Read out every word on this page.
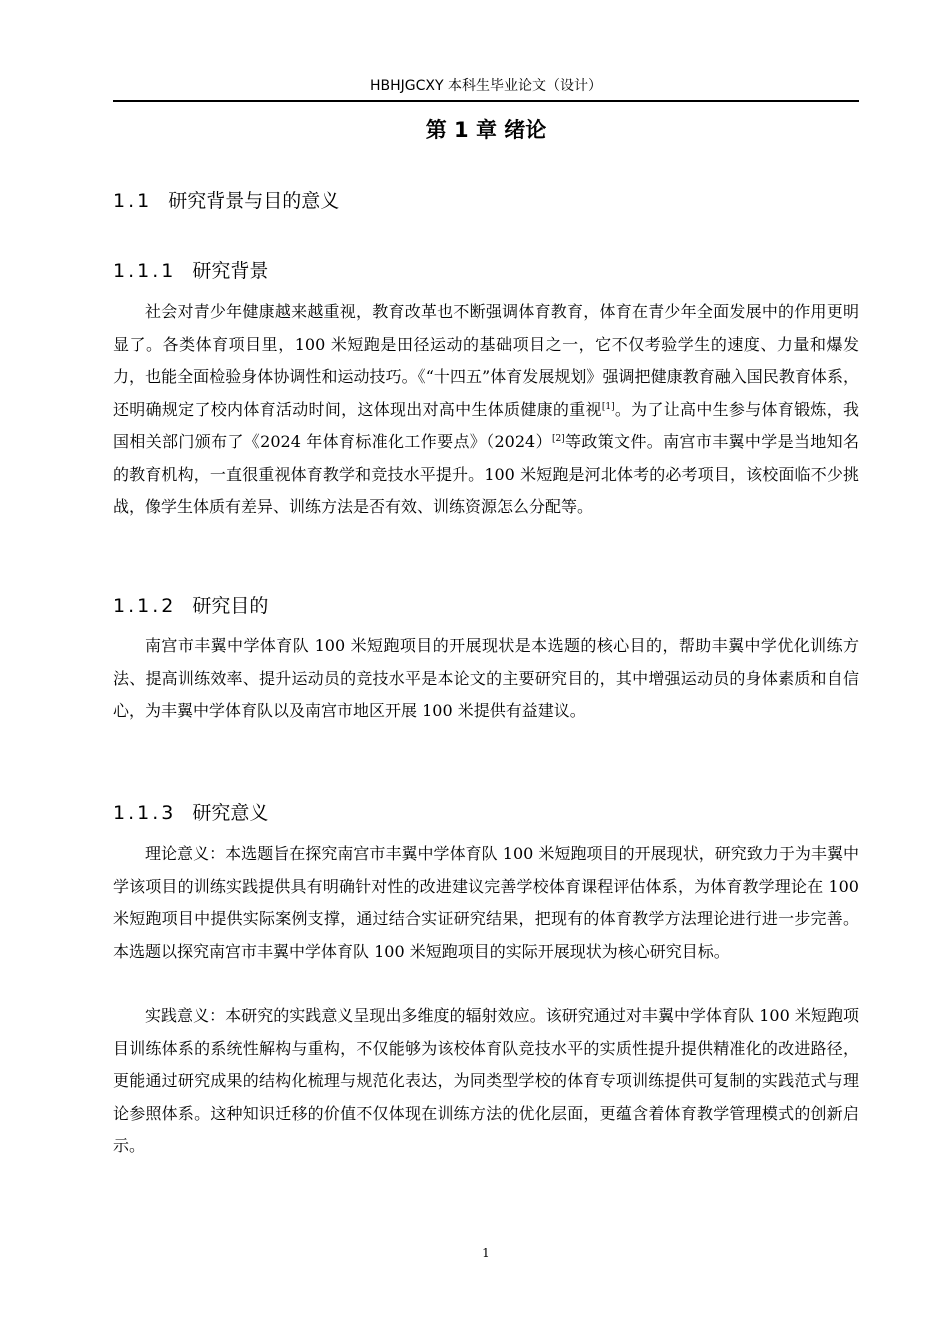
HBHJGCXY 本科生毕业论文（设计）
第 1 章 绪论
1.1 研究背景与目的意义
1.1.1 研究背景

社会对青少年健康越来越重视，教育改革也不断强调体育教育，体育在青少年全面发展中的作用更明显了。各类体育项目里，100 米短跑是田径运动的基础项目之一，它不仅考验学生的速度、力量和爆发力，也能全面检验身体协调性和运动技巧。《“十四五”体育发展规划》强调把健康教育融入国民教育体系，还明确规定了校内体育活动时间，这体现出对高中生体质健康的重视[1]。为了让高中生参与体育锻炼，我国相关部门颁布了《2024 年体育标准化工作要点》（2024）[2]等政策文件。南宫市丰翼中学是当地知名的教育机构，一直很重视体育教学和竞技水平提升。100 米短跑是河北体考的必考项目，该校面临不少挑战，像学生体质有差异、训练方法是否有效、训练资源怎么分配等。

1.1.2 研究目的

南宫市丰翼中学体育队 100 米短跑项目的开展现状是本选题的核心目的，帮助丰翼中学优化训练方法、提高训练效率、提升运动员的竞技水平是本论文的主要研究目的，其中增强运动员的身体素质和自信心，为丰翼中学体育队以及南宫市地区开展 100 米提供有益建议。

1.1.3 研究意义

理论意义：本选题旨在探究南宫市丰翼中学体育队 100 米短跑项目的开展现状，研究致力于为丰翼中学该项目的训练实践提供具有明确针对性的改进建议完善学校体育课程评估体系，为体育教学理论在 100 米短跑项目中提供实际案例支撑，通过结合实证研究结果，把现有的体育教学方法理论进行进一步完善。本选题以探究南宫市丰翼中学体育队 100 米短跑项目的实际开展现状为核心研究目标。

实践意义：本研究的实践意义呈现出多维度的辐射效应。该研究通过对丰翼中学体育队 100 米短跑项目训练体系的系统性解构与重构，不仅能够为该校体育队竞技水平的实质性提升提供精准化的改进路径，更能通过研究成果的结构化梳理与规范化表达，为同类型学校的体育专项训练提供可复制的实践范式与理论参照体系。这种知识迁移的价值不仅体现在训练方法的优化层面，更蕴含着体育教学管理模式的创新启示。

1
